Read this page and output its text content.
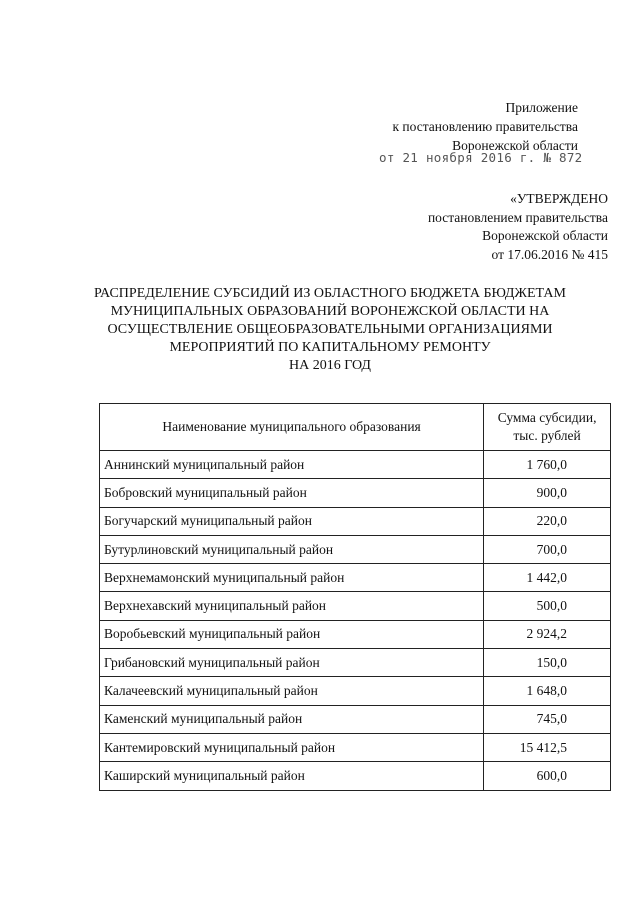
Приложение
к постановлению правительства
Воронежской области
от 21 ноября 2016 г. № 872
«УТВЕРЖДЕНО
постановлением правительства
Воронежской области
от 17.06.2016 № 415
РАСПРЕДЕЛЕНИЕ СУБСИДИЙ ИЗ ОБЛАСТНОГО БЮДЖЕТА БЮДЖЕТАМ
МУНИЦИПАЛЬНЫХ ОБРАЗОВАНИЙ ВОРОНЕЖСКОЙ ОБЛАСТИ НА
ОСУЩЕСТВЛЕНИЕ ОБЩЕОБРАЗОВАТЕЛЬНЫМИ ОРГАНИЗАЦИЯМИ
МЕРОПРИЯТИЙ ПО КАПИТАЛЬНОМУ РЕМОНТУ
НА 2016 ГОД
Наименование муниципального образования	Сумма субсидии,
тыс. рублей

Аннинский муниципальный район	1 760,0
Бобровский муниципальный район	900,0
Богучарский муниципальный район	220,0
Бутурлиновский муниципальный район	700,0
Верхнемамонский муниципальный район	1 442,0
Верхнехавский муниципальный район	500,0
Воробьевский муниципальный район	2 924,2
Грибановский муниципальный район	150,0
Калачеевский муниципальный район	1 648,0
Каменский муниципальный район	745,0
Кантемировский муниципальный район	15 412,5
Каширский муниципальный район	600,0
